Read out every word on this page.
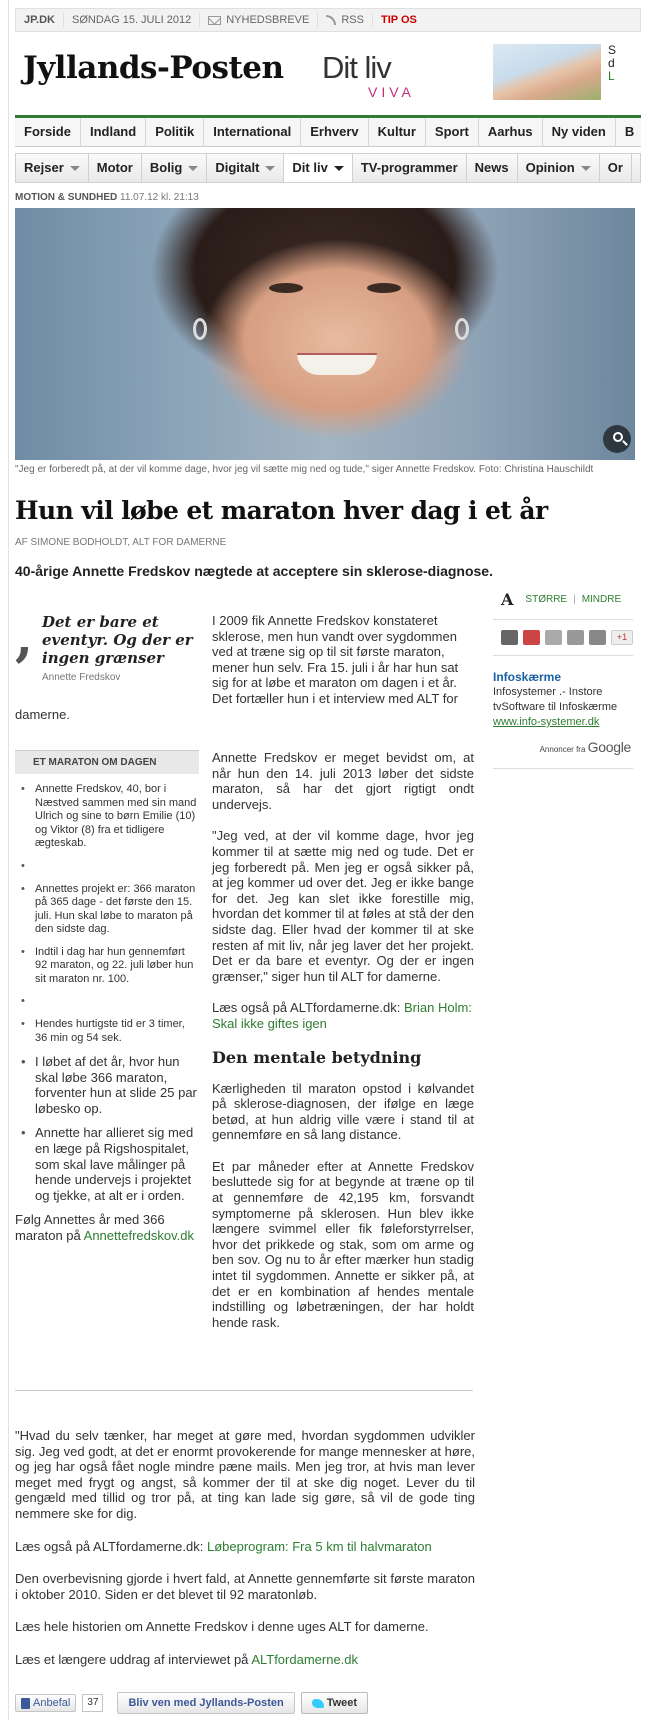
JP.DK	SØNDAG 15. JULI 2012	NYHEDSBREVE	RSS	TIP OS
Jyllands-Posten Dit liv
VIVA
S
d
L
Forside	Indland	Politik	International	Erhverv	Kultur	Sport	Aarhus	Ny viden	B
Rejser	Motor Bolig	Digitalt	Dit liv	TV-programmer News Opinion	Or
MOTION & SUNDHED 11.07.12 kl. 21:13
"Jeg er forberedt på, at der vil komme dage, hvor jeg vil sætte mig ned og tude," siger Annette Fredskov. Foto: Christina Hauschildt
Hun vil løbe et maraton hver dag i et år
AF SIMONE BODHOLDT, ALT FOR DAMERNE
40-årige Annette Fredskov nægtede at acceptere sin sklerose-diagnose.

I 2009 fik Annette Fredskov konstateret sklerose, men hun vandt over sygdommen ved at træne sig op til sit første maraton, mener hun selv. Fra 15. juli i år har hun sat sig for at løbe et maraton om dagen i et år. Det fortæller hun i et interview med ALT for damerne.

, Det er bare et eventyr. Og der er ingen grænser
Annette Fredskov
ET MARATON OM DAGEN
• Annette Fredskov, 40, bor i Næstved sammen med sin mand Ulrich og sine to børn Emilie (10) og Viktor (8) fra et tidligere ægteskab.
•
• Annettes projekt er: 366 maraton på 365 dage - det første den 15. juli. Hun skal løbe to maraton på den sidste dag.
• Indtil i dag har hun gennemført 92 maraton, og 22. juli løber hun sit maraton nr. 100.
•
• Hendes hurtigste tid er 3 timer, 36 min og 54 sek.
• I løbet af det år, hvor hun skal løbe 366 maraton, forventer hun at slide 25 par løbesko op.
• Annette har allieret sig med en læge på Rigshospitalet, som skal lave målinger på hende undervejs i projektet og tjekke, at alt er i orden.
Følg Annettes år med 366 maraton på Annettefredskov.dk

Annette Fredskov er meget bevidst om, at når hun den 14. juli 2013 løber det sidste maraton, så har det gjort rigtigt ondt undervejs.

"Jeg ved, at der vil komme dage, hvor jeg kommer til at sætte mig ned og tude. Det er jeg forberedt på. Men jeg er også sikker på, at jeg kommer ud over det. Jeg er ikke bange for det. Jeg kan slet ikke forestille mig, hvordan det kommer til at føles at stå der den sidste dag. Eller hvad der kommer til at ske resten af mit liv, når jeg laver det her projekt. Det er da bare et eventyr. Og der er ingen grænser," siger hun til ALT for damerne.

Læs også på ALTfordamerne.dk: Brian Holm: Skal ikke giftes igen

Den mentale betydning

Kærligheden til maraton opstod i kølvandet på sklerose-diagnosen, der ifølge en læge betød, at hun aldrig ville være i stand til at gennemføre en så lang distance.

Et par måneder efter at Annette Fredskov besluttede sig for at begynde at træne op til at gennemføre de 42,195 km, forsvandt symptomerne på sklerosen. Hun blev ikke længere svimmel eller fik føleforstyrrelser, hvor det prikkede og stak, som om arme og ben sov. Og nu to år efter mærker hun stadig intet til sygdommen. Annette er sikker på, at det er en kombination af hendes mentale indstilling og løbetræningen, der har holdt hende rask.

"Hvad du selv tænker, har meget at gøre med, hvordan sygdommen udvikler sig. Jeg ved godt, at det er enormt provokerende for mange mennesker at høre, og jeg har også fået nogle mindre pæne mails. Men jeg tror, at hvis man lever meget med frygt og angst, så kommer der til at ske dig noget. Lever du til gengæld med tillid og tror på, at ting kan lade sig gøre, så vil de gode ting nemmere ske for dig.

Læs også på ALTfordamerne.dk: Løbeprogram: Fra 5 km til halvmaraton

Den overbevisning gjorde i hvert fald, at Annette gennemførte sit første maraton i oktober 2010. Siden er det blevet til 92 maratonløb.

Læs hele historien om Annette Fredskov i denne uges ALT for damerne.

Læs et længere uddrag af interviewet på ALTfordamerne.dk

A STØRRE | MINDRE
+1
Infoskærme
Infosystemer .- Instore tvSoftware til Infoskærme
www.info-systemer.dk
Annoncer fra Google
Anbefal	37	Bliv ven med Jyllands-Posten	Tweet
